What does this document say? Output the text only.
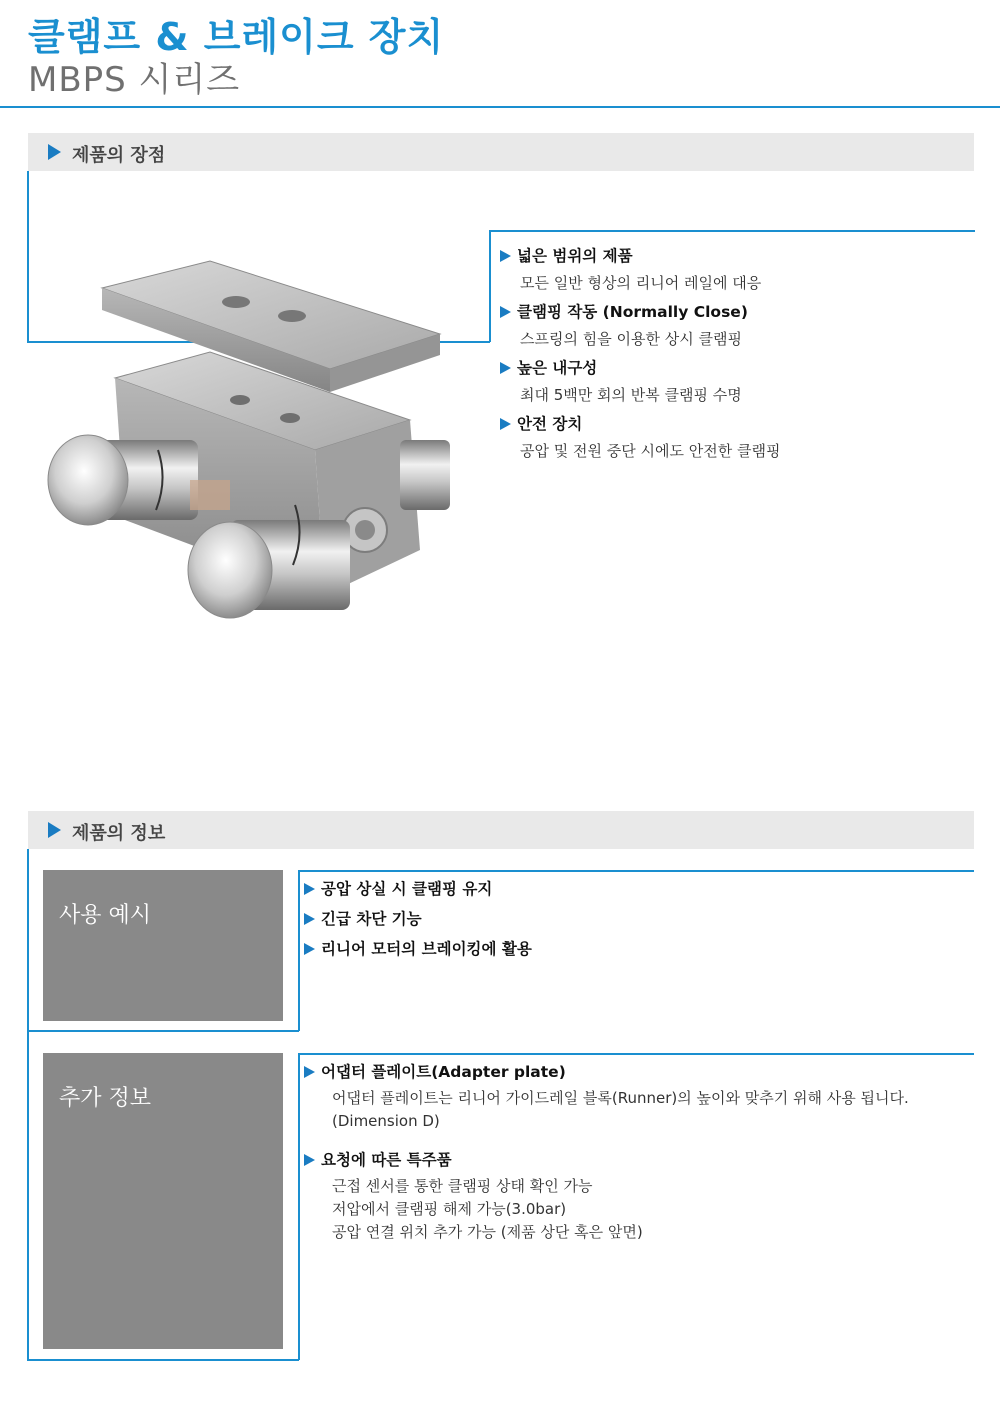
클램프 & 브레이크 장치
MBPS 시리즈
제품의 장점
넓은 범위의 제품
모든 일반 형상의 리니어 레일에 대응
클램핑 작동 (Normally Close)
스프링의 힘을 이용한 상시 클램핑
높은 내구성
최대 5백만 회의 반복 클램핑 수명
안전 장치
공압 및 전원 중단 시에도 안전한 클램핑
제품의 정보
사용 예시
공압 상실 시 클램핑 유지
긴급 차단 기능
리니어 모터의 브레이킹에 활용
추가 정보
어댑터 플레이트(Adapter plate)
어댑터 플레이트는 리니어 가이드레일 블록(Runner)의 높이와 맞추기 위해 사용 됩니다.
(Dimension D)
요청에 따른 특주품
근접 센서를 통한 클램핑 상태 확인 가능
저압에서 클램핑 해제 가능(3.0bar)
공압 연결 위치 추가 가능 (제품 상단 혹은 앞면)
